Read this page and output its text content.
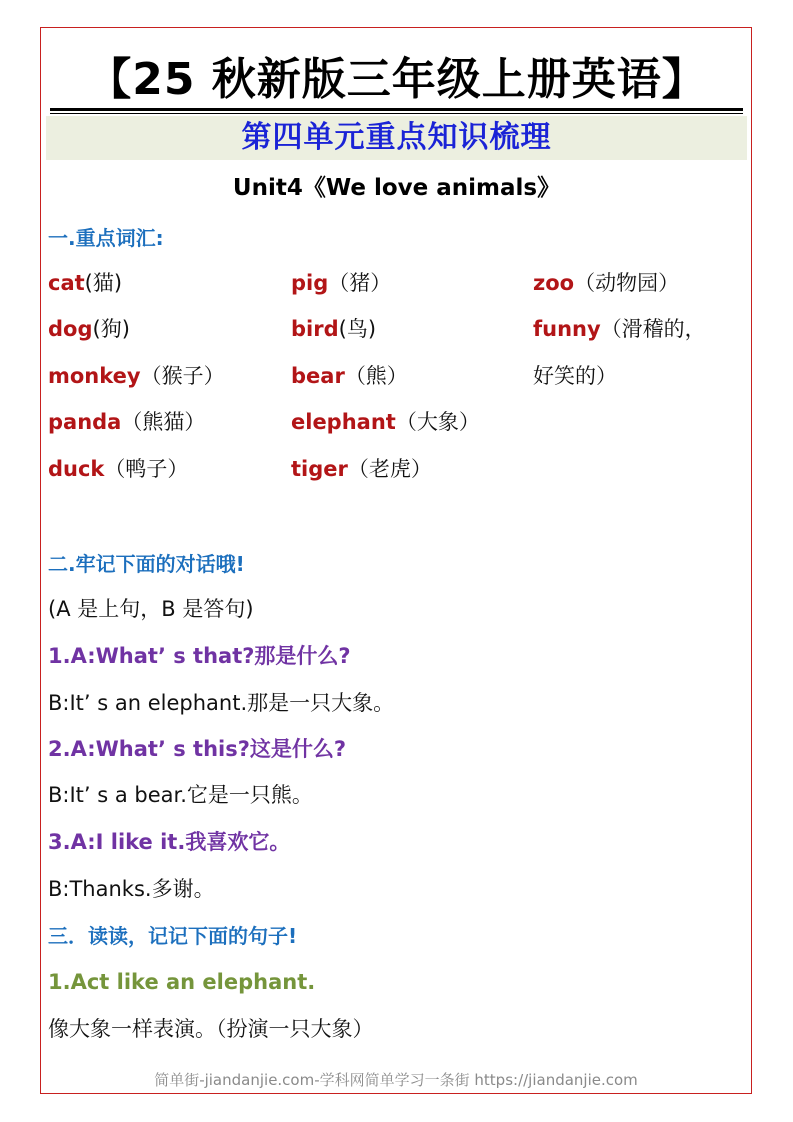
【25 秋新版三年级上册英语】
第四单元重点知识梳理
Unit4《We love animals》
一.重点词汇:
cat(猫)	pig（猪）	zoo（动物园）
dog(狗)	bird(鸟)	funny（滑稽的，
monkey（猴子）	bear（熊）	好笑的）
panda（熊猫）	elephant（大象）
duck（鸭子）	tiger（老虎）
二.牢记下面的对话哦!
(A 是上句，B 是答句)
1.A:What’ s that?那是什么?
B:It’ s an elephant.那是一只大象。
2.A:What’ s this?这是什么?
B:It’ s a bear.它是一只熊。
3.A:I like it.我喜欢它。
B:Thanks.多谢。
三．读读，记记下面的句子!
1.Act like an elephant.
像大象一样表演。（扮演一只大象）
简单街-jiandanjie.com-学科网简单学习一条街 https://jiandanjie.com
